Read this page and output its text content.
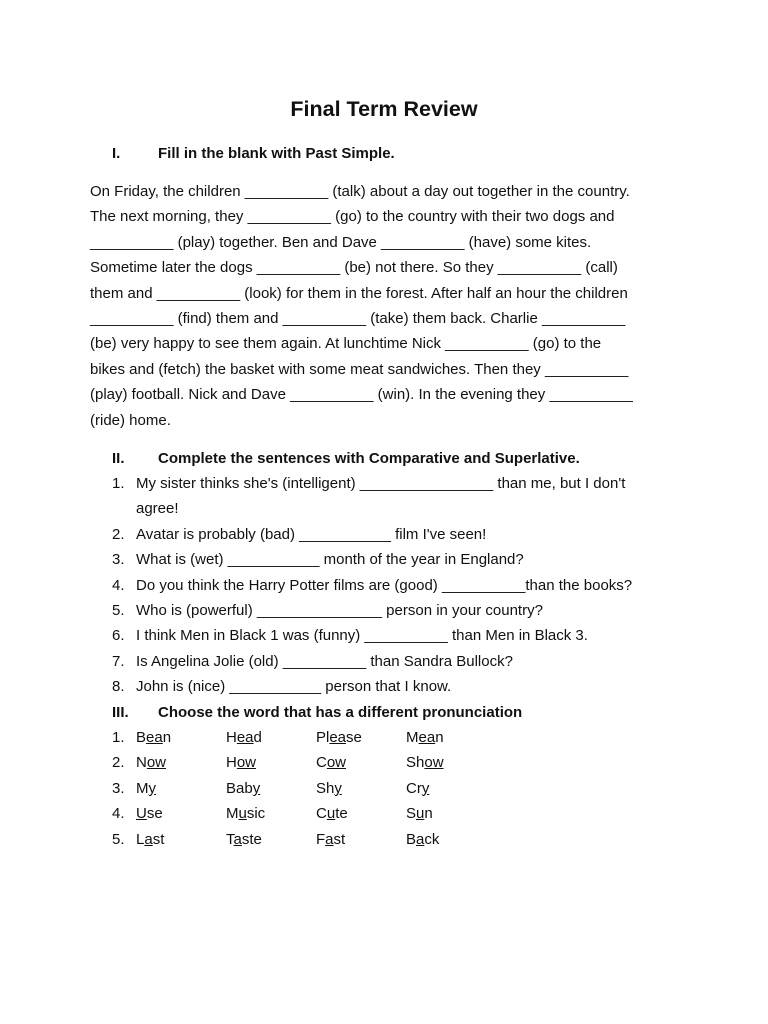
Final Term Review
I.	Fill in the blank with Past Simple.
On Friday, the children __________ (talk) about a day out together in the country.
The next morning, they __________ (go) to the country with their two dogs and
__________ (play) together. Ben and Dave __________ (have) some kites.
Sometime later the dogs __________ (be) not there. So they __________ (call)
them and __________ (look) for them in the forest. After half an hour the children
__________ (find) them and __________ (take) them back. Charlie __________
(be) very happy to see them again. At lunchtime Nick __________ (go) to the
bikes and (fetch) the basket with some meat sandwiches. Then they __________
(play) football. Nick and Dave __________ (win). In the evening they __________
(ride) home.
II. Complete the sentences with Comparative and Superlative.
1. My sister thinks she's (intelligent) ________________ than me, but I don't
agree!
2. Avatar is probably (bad) ___________ film I've seen!
3. What is (wet) ___________ month of the year in England?
4. Do you think the Harry Potter films are (good) __________than the books?
5. Who is (powerful) _______________ person in your country?
6. I think Men in Black 1 was (funny) __________ than Men in Black 3.
7. Is Angelina Jolie (old) __________ than Sandra Bullock?
8. John is (nice) ___________ person that I know.
III. Choose the word that has a different pronunciation
1. Bean	Head	Please	Mean
2. Now	How	Cow	Show
3. My	Baby	Shy	Cry
4. Use	Music	Cute	Sun
5. Last	Taste	Fast	Back
